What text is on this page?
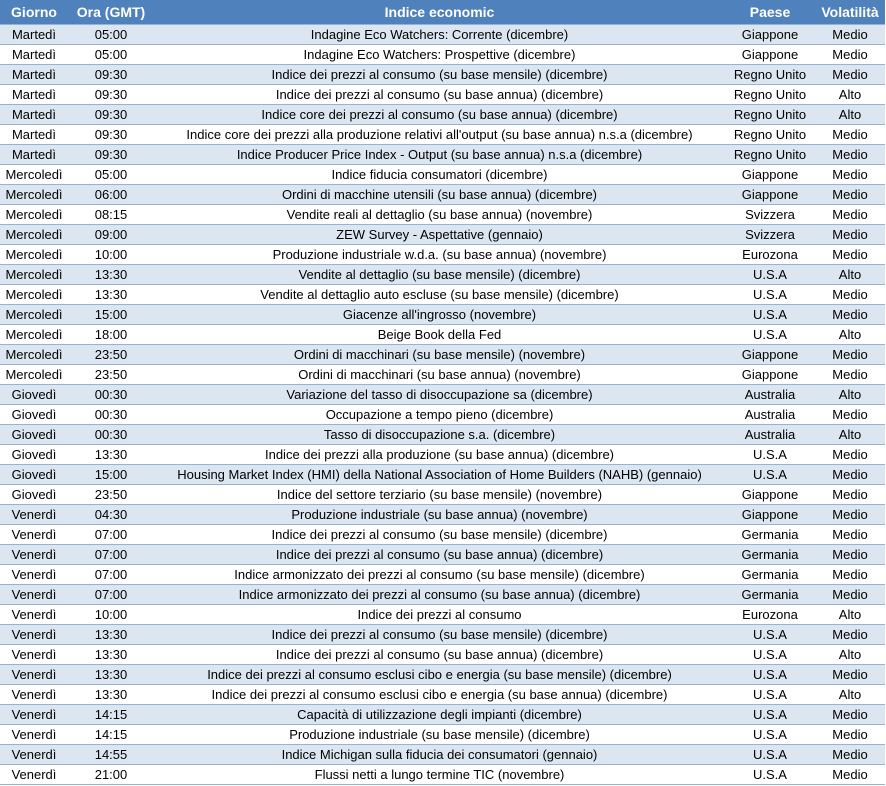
Giorno	Ora (GMT)	Indice economic	Paese	Volatilità
Martedì	05:00	Indagine Eco Watchers: Corrente (dicembre)	Giappone	Medio
Martedì	05:00	Indagine Eco Watchers: Prospettive (dicembre)	Giappone	Medio
Martedì	09:30	Indice dei prezzi al consumo (su base mensile) (dicembre)	Regno Unito	Medio
Martedì	09:30	Indice dei prezzi al consumo (su base annua) (dicembre)	Regno Unito	Alto
Martedì	09:30	Indice core dei prezzi al consumo (su base annua) (dicembre)	Regno Unito	Alto
Martedì	09:30	Indice core dei prezzi alla produzione relativi all'output (su base annua) n.s.a (dicembre)	Regno Unito	Medio
Martedì	09:30	Indice Producer Price Index - Output (su base annua) n.s.a (dicembre)	Regno Unito	Medio
Mercoledì	05:00	Indice fiducia consumatori (dicembre)	Giappone	Medio
Mercoledì	06:00	Ordini di macchine utensili (su base annua) (dicembre)	Giappone	Medio
Mercoledì	08:15	Vendite reali al dettaglio (su base annua) (novembre)	Svizzera	Medio
Mercoledì	09:00	ZEW Survey - Aspettative (gennaio)	Svizzera	Medio
Mercoledì	10:00	Produzione industriale w.d.a. (su base annua) (novembre)	Eurozona	Medio
Mercoledì	13:30	Vendite al dettaglio (su base mensile) (dicembre)	U.S.A	Alto
Mercoledì	13:30	Vendite al dettaglio auto escluse (su base mensile) (dicembre)	U.S.A	Medio
Mercoledì	15:00	Giacenze all'ingrosso (novembre)	U.S.A	Medio
Mercoledì	18:00	Beige Book della Fed	U.S.A	Alto
Mercoledì	23:50	Ordini di macchinari (su base mensile) (novembre)	Giappone	Medio
Mercoledì	23:50	Ordini di macchinari (su base annua) (novembre)	Giappone	Medio
Giovedì	00:30	Variazione del tasso di disoccupazione sa (dicembre)	Australia	Alto
Giovedì	00:30	Occupazione a tempo pieno (dicembre)	Australia	Medio
Giovedì	00:30	Tasso di disoccupazione s.a. (dicembre)	Australia	Alto
Giovedì	13:30	Indice dei prezzi alla produzione (su base annua) (dicembre)	U.S.A	Medio
Giovedì	15:00	Housing Market Index (HMI) della National Association of Home Builders (NAHB) (gennaio)	U.S.A	Medio
Giovedì	23:50	Indice del settore terziario (su base mensile) (novembre)	Giappone	Medio
Venerdì	04:30	Produzione industriale (su base annua) (novembre)	Giappone	Medio
Venerdì	07:00	Indice dei prezzi al consumo (su base mensile) (dicembre)	Germania	Medio
Venerdì	07:00	Indice dei prezzi al consumo (su base annua) (dicembre)	Germania	Medio
Venerdì	07:00	Indice armonizzato dei prezzi al consumo (su base mensile) (dicembre)	Germania	Medio
Venerdì	07:00	Indice armonizzato dei prezzi al consumo (su base annua) (dicembre)	Germania	Medio
Venerdì	10:00	Indice dei prezzi al consumo	Eurozona	Alto
Venerdì	13:30	Indice dei prezzi al consumo (su base mensile) (dicembre)	U.S.A	Medio
Venerdì	13:30	Indice dei prezzi al consumo (su base annua) (dicembre)	U.S.A	Alto
Venerdì	13:30	Indice dei prezzi al consumo esclusi cibo e energia (su base mensile) (dicembre)	U.S.A	Medio
Venerdì	13:30	Indice dei prezzi al consumo esclusi cibo e energia (su base annua) (dicembre)	U.S.A	Alto
Venerdì	14:15	Capacità di utilizzazione degli impianti (dicembre)	U.S.A	Medio
Venerdì	14:15	Produzione industriale (su base mensile) (dicembre)	U.S.A	Medio
Venerdì	14:55	Indice Michigan sulla fiducia dei consumatori (gennaio)	U.S.A	Medio
Venerdì	21:00	Flussi netti a lungo termine TIC (novembre)	U.S.A	Medio
